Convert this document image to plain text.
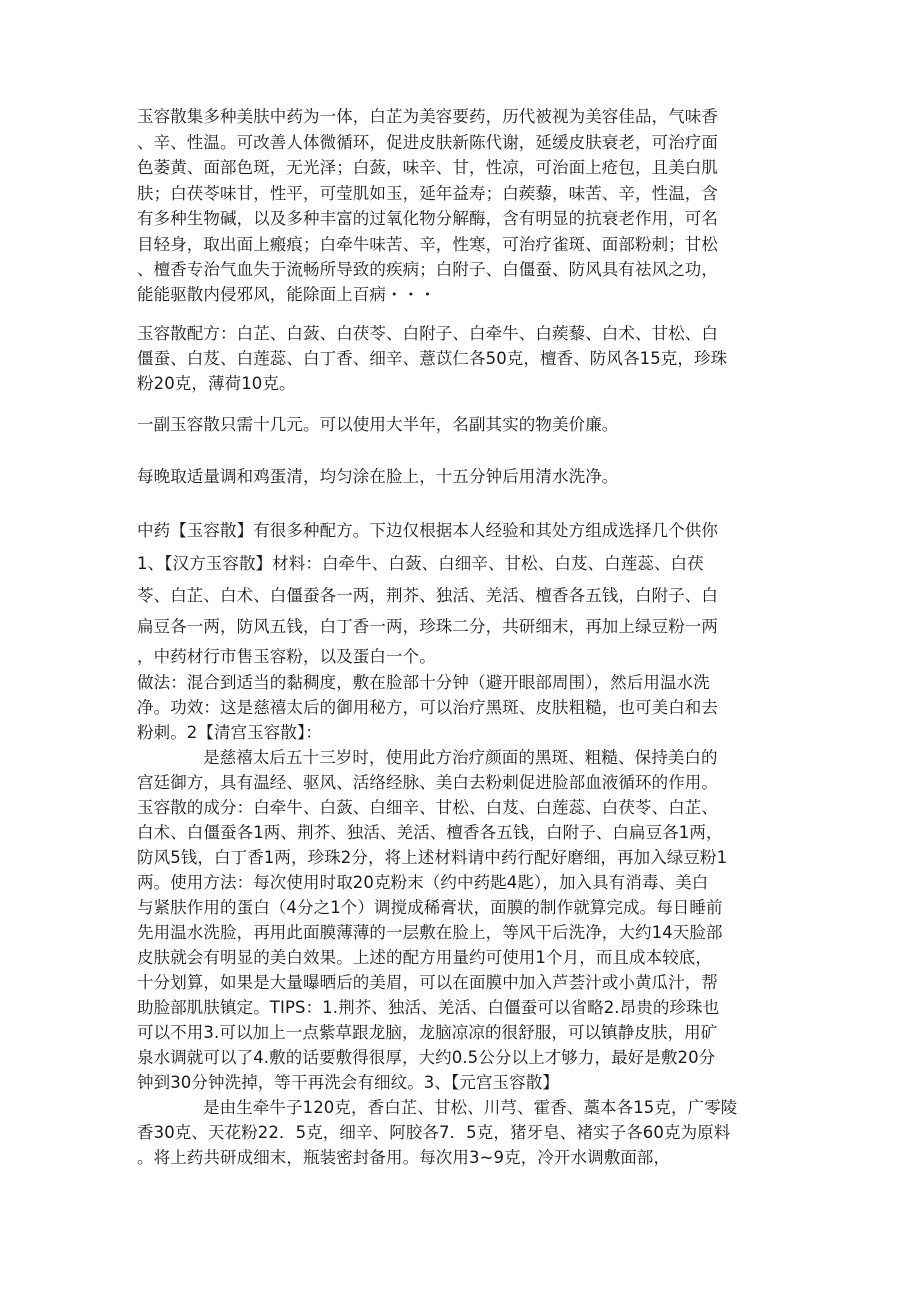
玉容散集多种美肤中药为一体，白芷为美容要药，历代被视为美容佳品，气味香
、辛、性温。可改善人体微循环，促进皮肤新陈代谢，延缓皮肤衰老，可治疗面
色萎黄、面部色斑，无光泽；白蔹，味辛、甘，性凉，可治面上疮包，且美白肌
肤；白茯苓味甘，性平，可莹肌如玉，延年益寿；白蒺藜，味苦、辛，性温，含
有多种生物碱，以及多种丰富的过氧化物分解酶，含有明显的抗衰老作用，可名
目轻身，取出面上瘢痕；白牵牛味苦、辛，性寒，可治疗雀斑、面部粉刺；甘松
、檀香专治气血失于流畅所导致的疾病；白附子、白僵蚕、防风具有祛风之功，
能能驱散内侵邪风，能除面上百病・・・
玉容散配方：白芷、白蔹、白茯苓、白附子、白牵牛、白蒺藜、白术、甘松、白
僵蚕、白芨、白莲蕊、白丁香、细辛、薏苡仁各50克，檀香、防风各15克，珍珠
粉20克，薄荷10克。
一副玉容散只需十几元。可以使用大半年，名副其实的物美价廉。
每晚取适量调和鸡蛋清，均匀涂在脸上，十五分钟后用清水洗净。
中药【玉容散】有很多种配方。下边仅根据本人经验和其处方组成选择几个供你
1、【汉方玉容散】材料：白牵牛、白蔹、白细辛、甘松、白芨、白莲蕊、白茯
苓、白芷、白术、白僵蚕各一两，荆芥、独活、羌活、檀香各五钱，白附子、白
扁豆各一两，防风五钱，白丁香一两，珍珠二分，共研细末，再加上绿豆粉一两
，中药材行市售玉容粉，以及蛋白一个。
做法：混合到适当的黏稠度，敷在脸部十分钟（避开眼部周围），然后用温水洗
净。功效：这是慈禧太后的御用秘方，可以治疗黑斑、皮肤粗糙，也可美白和去
粉刺。2【清宫玉容散】：
是慈禧太后五十三岁时，使用此方治疗颜面的黑斑、粗糙、保持美白的
宫廷御方，具有温经、驱风、活络经脉、美白去粉刺促进脸部血液循环的作用。
玉容散的成分：白牵牛、白蔹、白细辛、甘松、白芨、白莲蕊、白茯苓、白芷、
白术、白僵蚕各1两、荆芥、独活、羌活、檀香各五钱，白附子、白扁豆各1两，
防风5钱，白丁香1两，珍珠2分，将上述材料请中药行配好磨细，再加入绿豆粉1
两。使用方法：每次使用时取20克粉末（约中药匙4匙），加入具有消毒、美白
与紧肤作用的蛋白（4分之1个）调搅成稀膏状，面膜的制作就算完成。每日睡前
先用温水洗脸，再用此面膜薄薄的一层敷在脸上，等风干后洗净，大约14天脸部
皮肤就会有明显的美白效果。上述的配方用量约可使用1个月，而且成本较底，
十分划算，如果是大量曝晒后的美眉，可以在面膜中加入芦荟汁或小黄瓜汁，帮
助脸部肌肤镇定。TIPS：1.荆芥、独活、羌活、白僵蚕可以省略2.昂贵的珍珠也
可以不用3.可以加上一点紫草跟龙脑，龙脑凉凉的很舒服，可以镇静皮肤，用矿
泉水调就可以了4.敷的话要敷得很厚，大约0.5公分以上才够力，最好是敷20分
钟到30分钟洗掉，等干再洗会有细纹。3、【元宫玉容散】
是由生牵牛子120克，香白芷、甘松、川芎、霍香、藁本各15克，广零陵
香30克、天花粉22．5克，细辛、阿胶各7．5克，猪牙皂、褚实子各60克为原料
。将上药共研成细末，瓶装密封备用。每次用3~9克，冷开水调敷面部，
